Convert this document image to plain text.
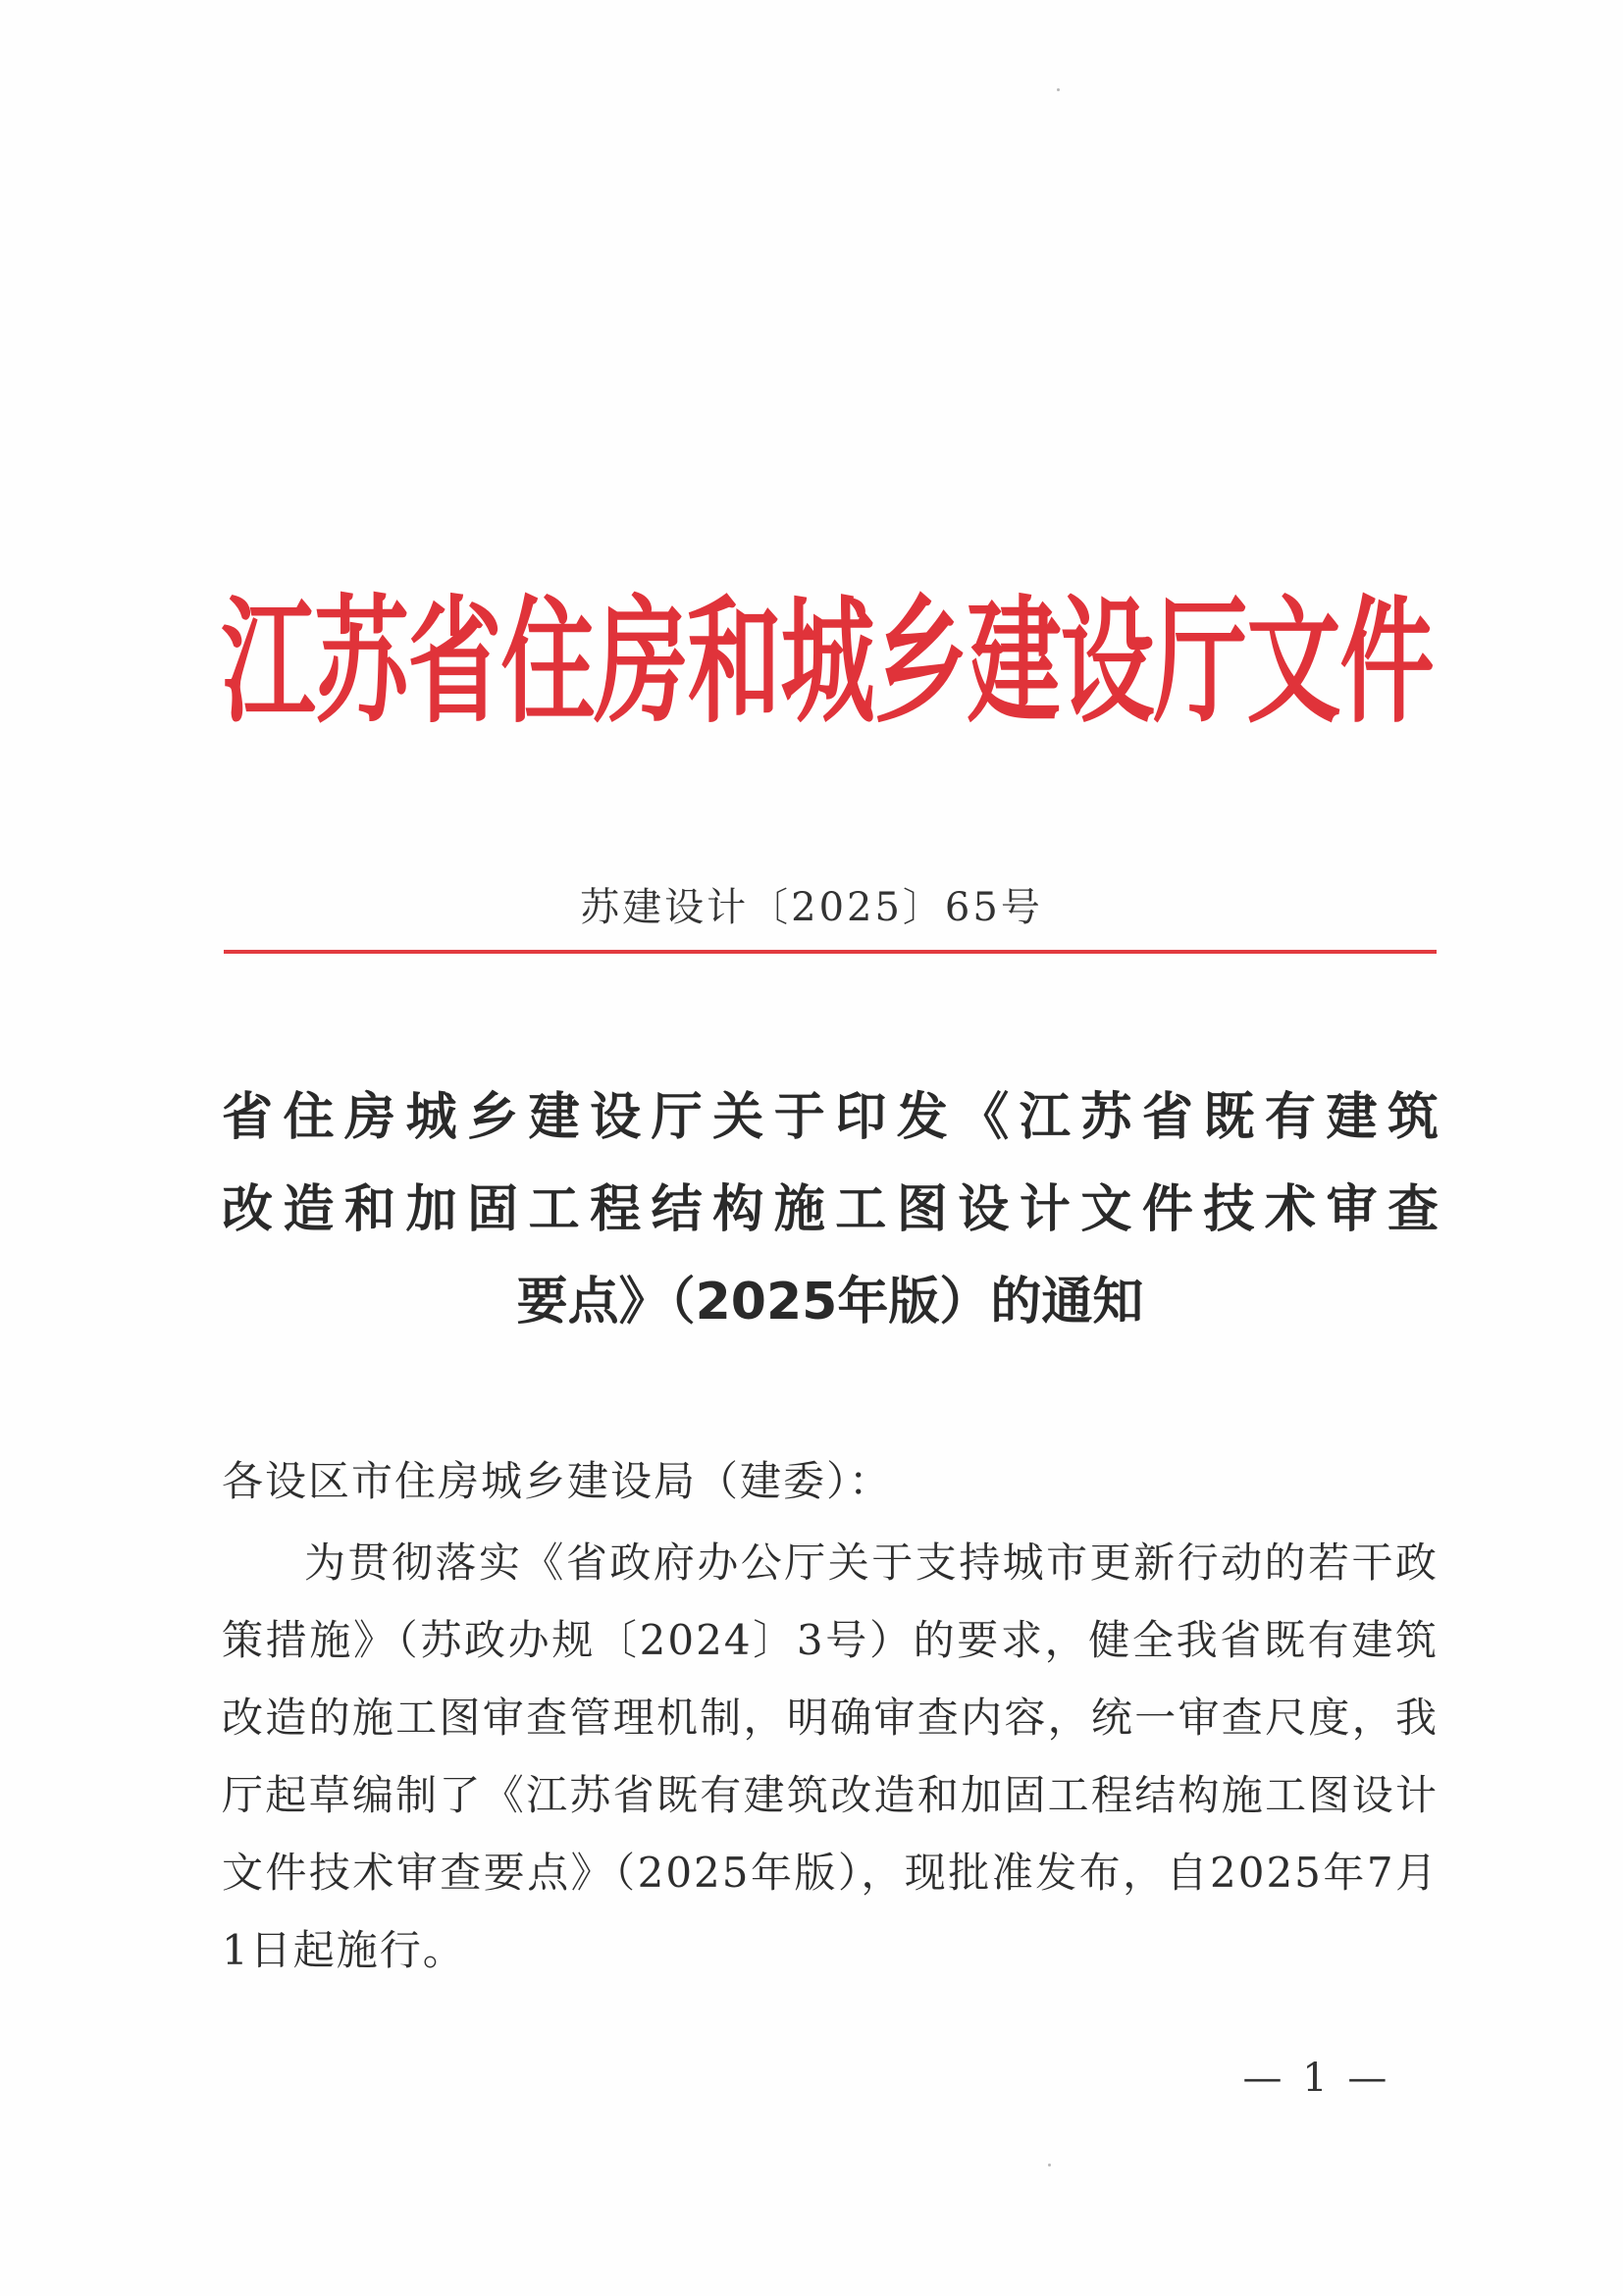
江苏省住房和城乡建设厅文件
苏建设计〔2025〕65号
省住房城乡建设厅关于印发《江苏省既有建筑
改造和加固工程结构施工图设计文件技术审查
要点》（2025年版）的通知
各设区市住房城乡建设局（建委）：
为贯彻落实《省政府办公厅关于支持城市更新行动的若干政策措施》（苏政办规〔2024〕3号）的要求，健全我省既有建筑改造的施工图审查管理机制，明确审查内容，统一审查尺度，我厅起草编制了《江苏省既有建筑改造和加固工程结构施工图设计文件技术审查要点》（2025年版），现批准发布，自2025年7月1日起施行。
— 1 —
